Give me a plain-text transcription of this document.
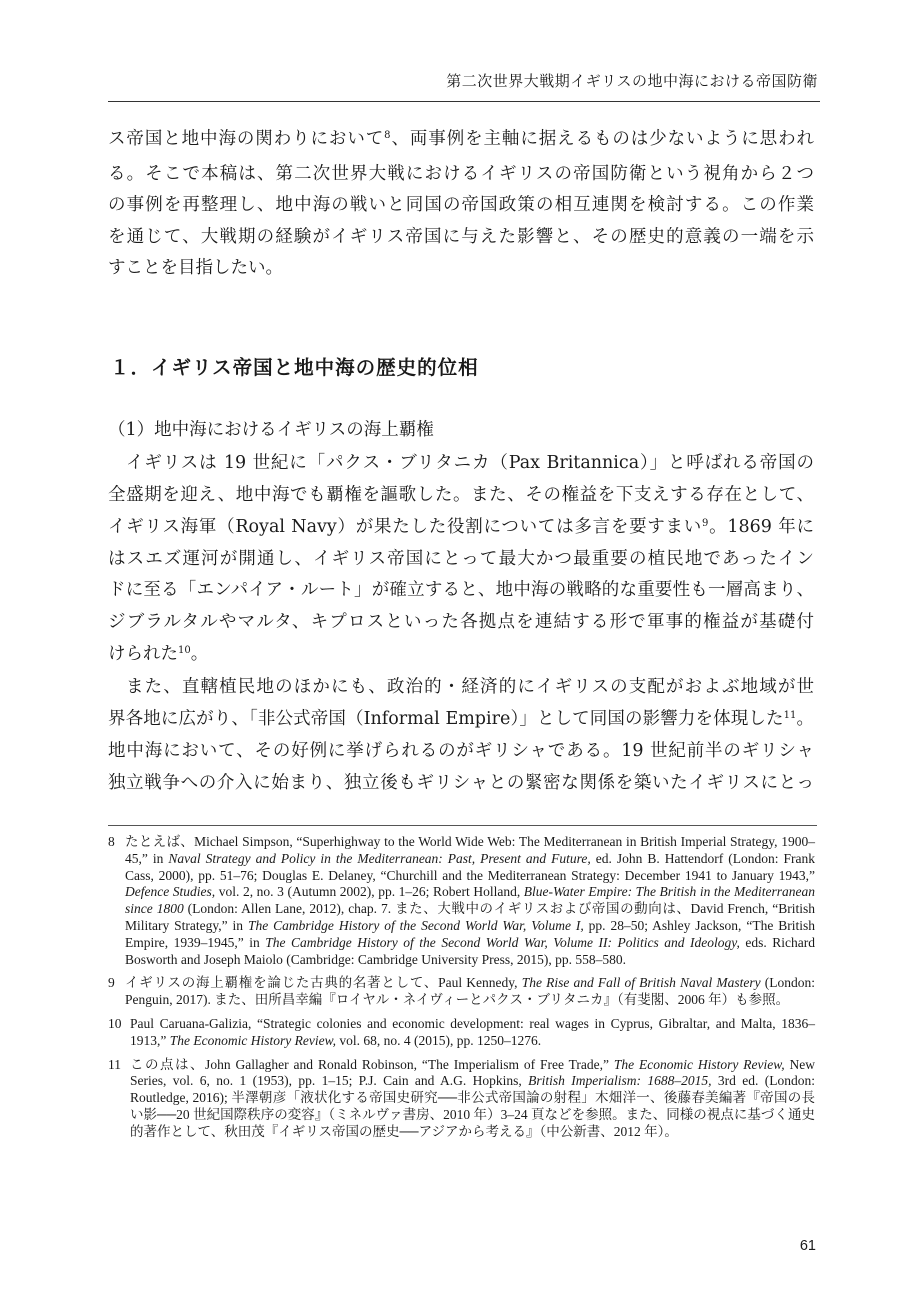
第二次世界大戦期イギリスの地中海における帝国防衛
ス帝国と地中海の関わりにおいて$^8$、両事例を主軸に据えるものは少ないように思われ
る。そこで本稿は、第二次世界大戦におけるイギリスの帝国防衛という視角から２つ
の事例を再整理し、地中海の戦いと同国の帝国政策の相互連関を検討する。この作業
を通じて、大戦期の経験がイギリス帝国に与えた影響と、その歴史的意義の一端を示
すことを目指したい。
１．イギリス帝国と地中海の歴史的位相
（1）地中海におけるイギリスの海上覇権
イギリスは 19 世紀に「パクス・ブリタニカ（Pax Britannica）」と呼ばれる帝国の
全盛期を迎え、地中海でも覇権を謳歌した。また、その権益を下支えする存在として、
イギリス海軍（Royal Navy）が果たした役割については多言を要すまい$^9$。1869 年に
はスエズ運河が開通し、イギリス帝国にとって最大かつ最重要の植民地であったイン
ドに至る「エンパイア・ルート」が確立すると、地中海の戦略的な重要性も一層高まり、
ジブラルタルやマルタ、キプロスといった各拠点を連結する形で軍事的権益が基礎付
けられた$^{10}$。
また、直轄植民地のほかにも、政治的・経済的にイギリスの支配がおよぶ地域が世
界各地に広がり、「非公式帝国（Informal Empire）」として同国の影響力を体現した$^{11}$。
地中海において、その好例に挙げられるのがギリシャである。19 世紀前半のギリシャ
独立戦争への介入に始まり、独立後もギリシャとの緊密な関係を築いたイギリスにとっ
8 たとえば、Michael Simpson, “Superhighway to the World Wide Web: The Mediterranean in British Imperial Strategy, 1900–45,” in Naval Strategy and Policy in the Mediterranean: Past, Present and Future, ed. John B. Hattendorf (London: Frank Cass, 2000), pp. 51–76; Douglas E. Delaney, “Churchill and the Mediterranean Strategy: December 1941 to January 1943,” Defence Studies, vol. 2, no. 3 (Autumn 2002), pp. 1–26; Robert Holland, Blue-Water Empire: The British in the Mediterranean since 1800 (London: Allen Lane, 2012), chap. 7. また、大戦中のイギリスおよび帝国の動向は、David French, “British Military Strategy,” in The Cambridge History of the Second World War, Volume I, pp. 28–50; Ashley Jackson, “The British Empire, 1939–1945,” in The Cambridge History of the Second World War, Volume II: Politics and Ideology, eds. Richard Bosworth and Joseph Maiolo (Cambridge: Cambridge University Press, 2015), pp. 558–580.
9 イギリスの海上覇権を論じた古典的名著として、Paul Kennedy, The Rise and Fall of British Naval Mastery (London: Penguin, 2017). また、田所昌幸編『ロイヤル・ネイヴィーとパクス・ブリタニカ』（有斐閣、2006 年）も参照。
10 Paul Caruana-Galizia, “Strategic colonies and economic development: real wages in Cyprus, Gibraltar, and Malta, 1836–1913,” The Economic History Review, vol. 68, no. 4 (2015), pp. 1250–1276.
11 この点は、John Gallagher and Ronald Robinson, “The Imperialism of Free Trade,” The Economic History Review, New Series, vol. 6, no. 1 (1953), pp. 1–15; P.J. Cain and A.G. Hopkins, British Imperialism: 1688–2015, 3rd ed. (London: Routledge, 2016); 半澤朝彦「液状化する帝国史研究──非公式帝国論の射程」木畑洋一、後藤春美編著『帝国の長い影──20 世紀国際秩序の変容』（ミネルヴァ書房、2010 年）3–24 頁などを参照。また、同様の視点に基づく通史的著作として、秋田茂『イギリス帝国の歴史──アジアから考える』（中公新書、2012 年）。
61
